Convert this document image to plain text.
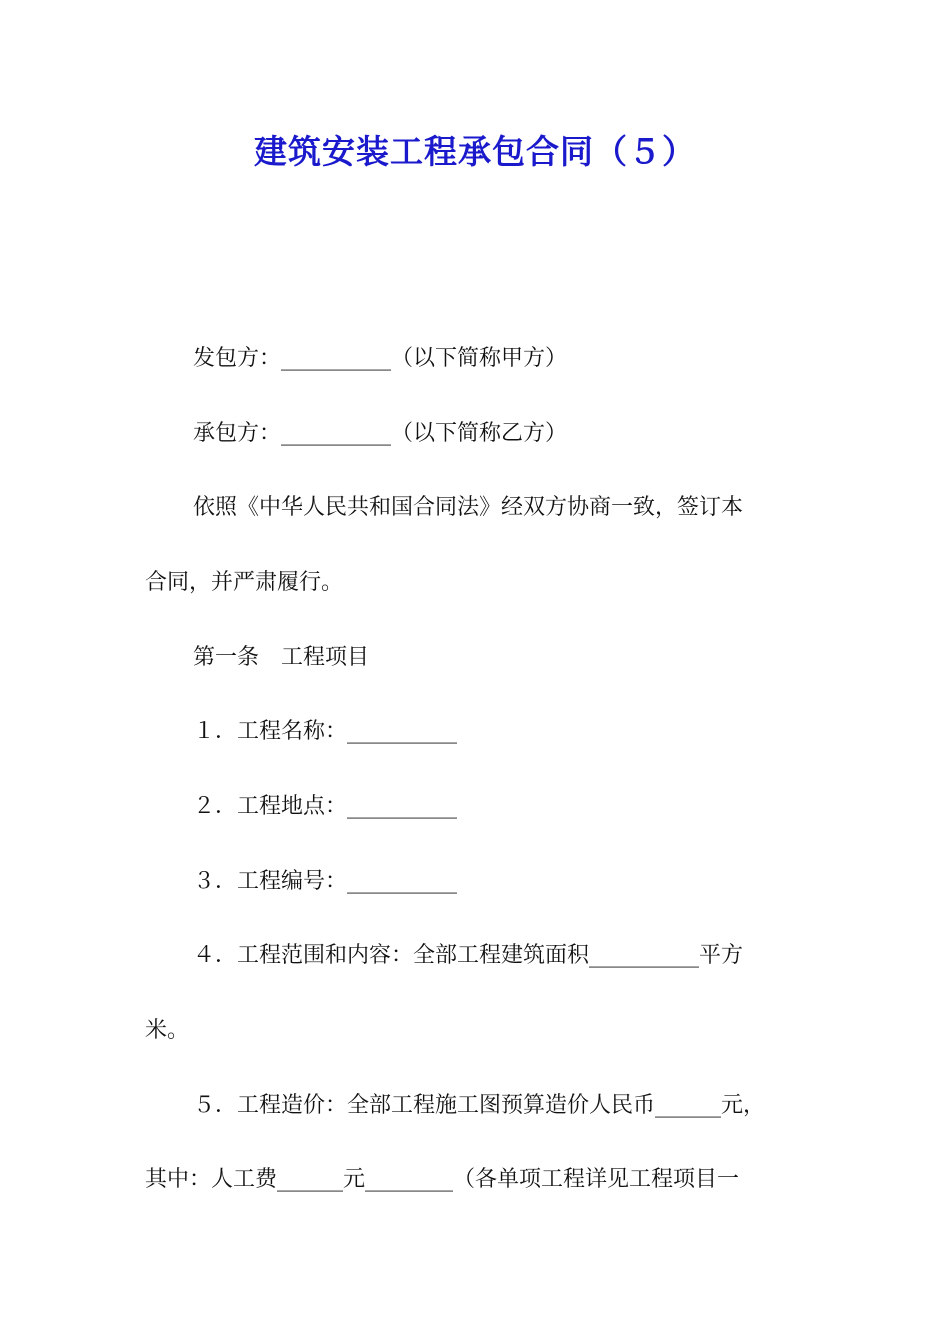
建筑安装工程承包合同（５）

发包方：__________（以下简称甲方）

承包方：__________（以下简称乙方）

依照《中华人民共和国合同法》经双方协商一致，签订本

合同，并严肃履行。

第一条　工程项目

１．工程名称：__________

２．工程地点：__________

３．工程编号：__________

４．工程范围和内容：全部工程建筑面积__________平方

米。

５．工程造价：全部工程施工图预算造价人民币______元，

其中：人工费______元________（各单项工程详见工程项目一
